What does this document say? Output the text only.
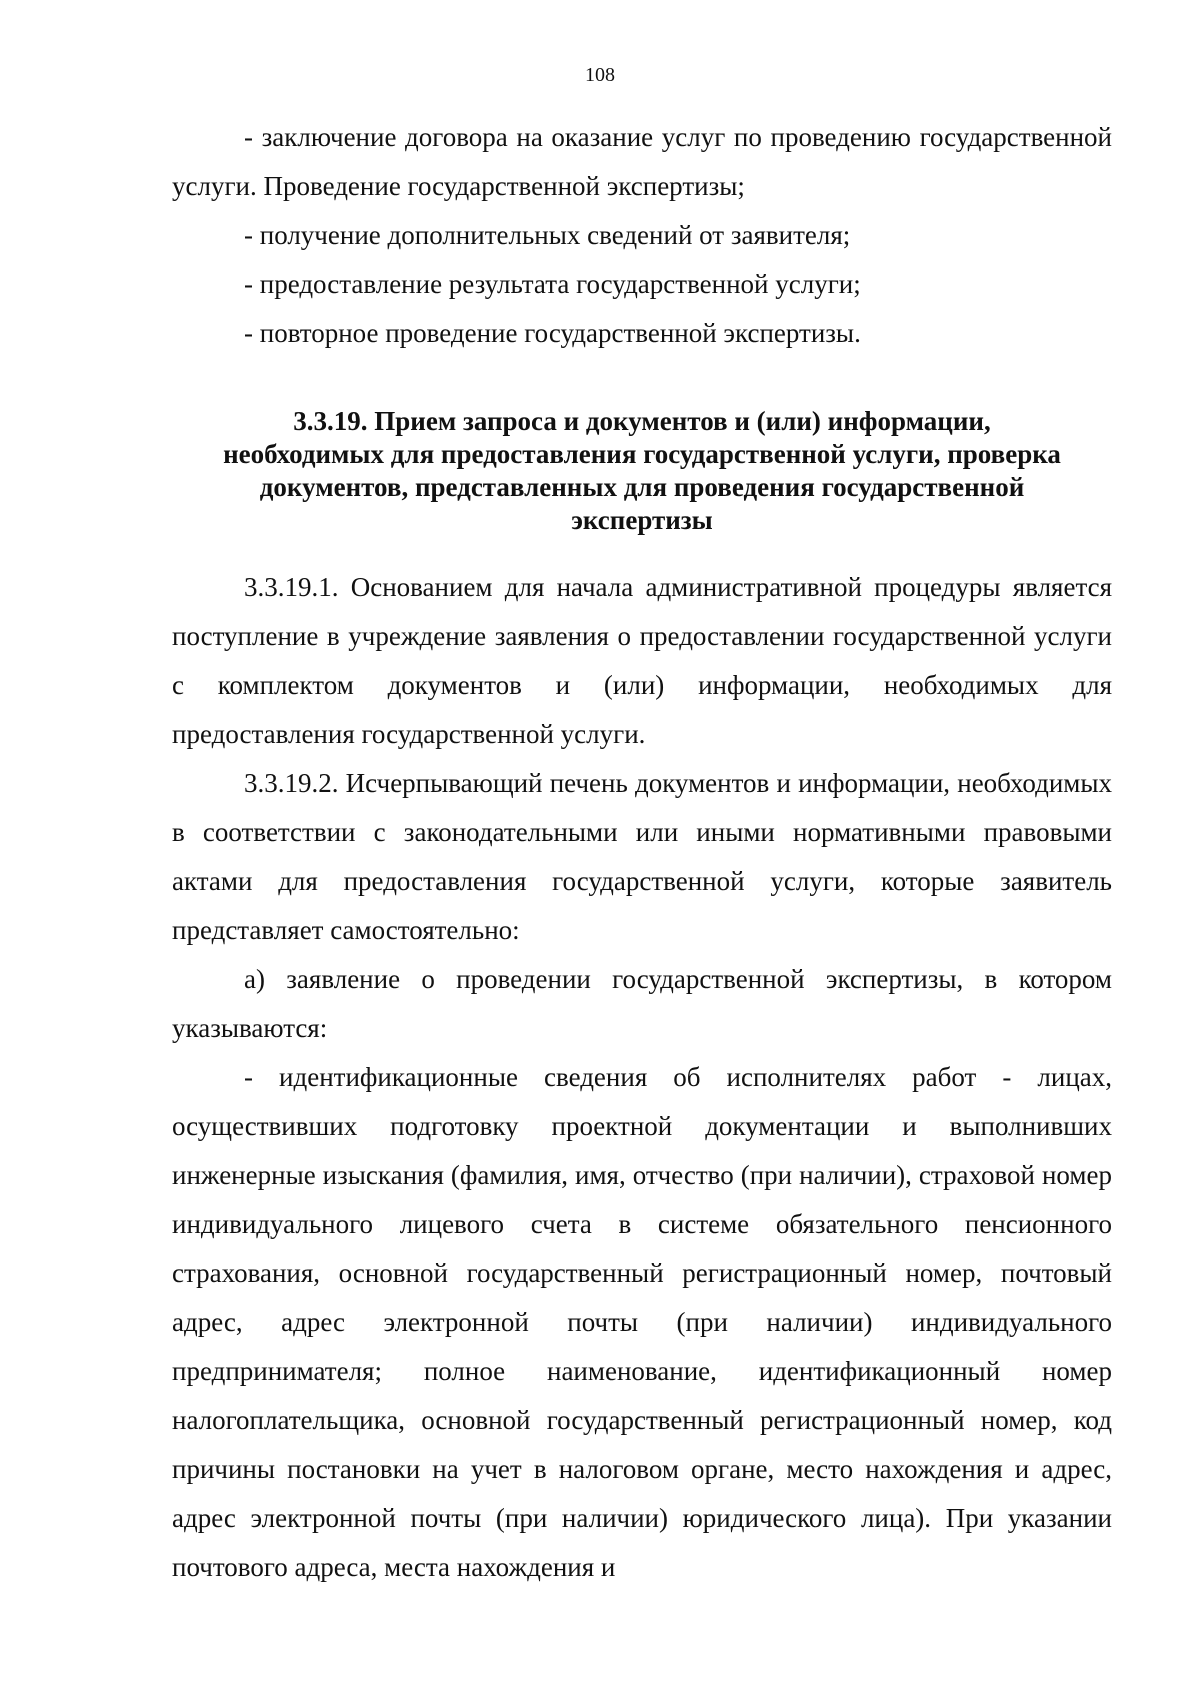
108

- заключение договора на оказание услуг по проведению государственной услуги. Проведение государственной экспертизы;

- получение дополнительных сведений от заявителя;

- предоставление результата государственной услуги;

- повторное проведение государственной экспертизы.

3.3.19. Прием запроса и документов и (или) информации,
необходимых для предоставления государственной услуги, проверка
документов, представленных для проведения государственной
экспертизы

3.3.19.1. Основанием для начала административной процедуры является поступление в учреждение заявления о предоставлении государственной услуги с комплектом документов и (или) информации, необходимых для предоставления государственной услуги.

3.3.19.2. Исчерпывающий печень документов и информации, необходимых в соответствии с законодательными или иными нормативными правовыми актами для предоставления государственной услуги, которые заявитель представляет самостоятельно:

а) заявление о проведении государственной экспертизы, в котором указываются:

- идентификационные сведения об исполнителях работ - лицах, осуществивших подготовку проектной документации и выполнивших инженерные изыскания (фамилия, имя, отчество (при наличии), страховой номер индивидуального лицевого счета в системе обязательного пенсионного страхования, основной государственный регистрационный номер, почтовый адрес, адрес электронной почты (при наличии) индивидуального предпринимателя; полное наименование, идентификационный номер налогоплательщика, основной государственный регистрационный номер, код причины постановки на учет в налоговом органе, место нахождения и адрес, адрес электронной почты (при наличии) юридического лица). При указании почтового адреса, места нахождения и
